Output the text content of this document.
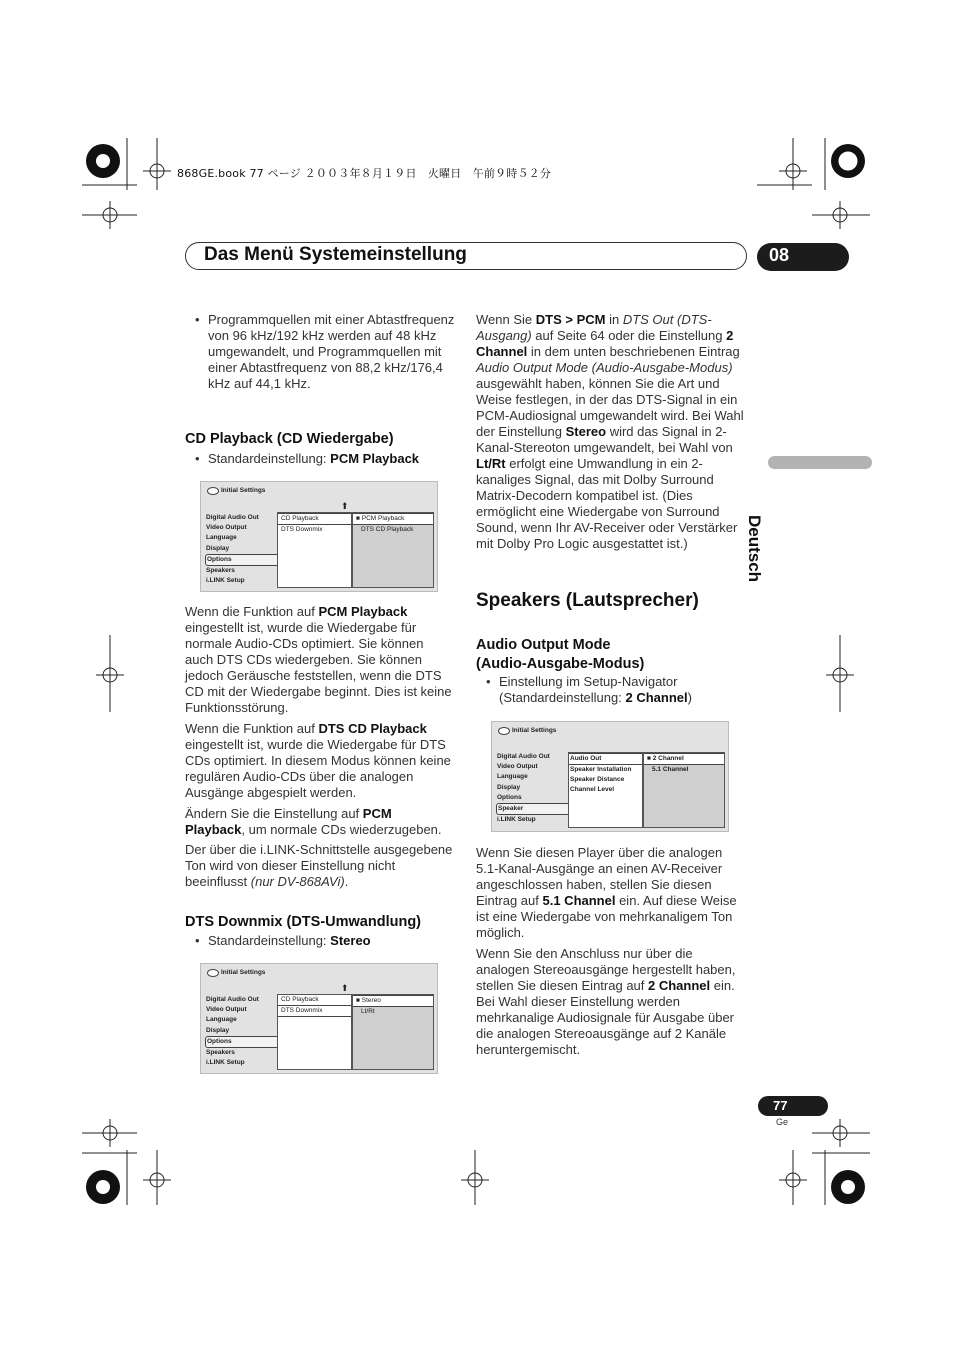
868GE.book 77 ページ ２００３年８月１９日　火曜日　午前９時５２分
Das Menü Systemeinstellung	08
Deutsch

• Programmquellen mit einer Abtastfrequenz von 96 kHz/192 kHz werden auf 48 kHz umgewandelt, und Programmquellen mit einer Abtastfrequenz von 88,2 kHz/176,4 kHz auf 44,1 kHz.

CD Playback (CD Wiedergabe)

• Standardeinstellung: PCM Playback

Initial Settings
Digital Audio Out
Video Output
Language
Display
Options
Speakers
i.LINK Setup
⬆
CD Playback
DTS Downmix
■ PCM Playback
DTS CD Playback

Wenn die Funktion auf PCM Playback eingestellt ist, wurde die Wiedergabe für normale Audio-CDs optimiert. Sie können auch DTS CDs wiedergeben. Sie können jedoch Geräusche feststellen, wenn die DTS CD mit der Wiedergabe beginnt. Dies ist keine Funktionsstörung.

Wenn die Funktion auf DTS CD Playback eingestellt ist, wurde die Wiedergabe für DTS CDs optimiert. In diesem Modus können keine regulären Audio-CDs über die analogen Ausgänge abgespielt werden.

Ändern Sie die Einstellung auf PCM Playback, um normale CDs wiederzugeben.

Der über die i.LINK-Schnittstelle ausgegebene Ton wird von dieser Einstellung nicht beeinflusst (nur DV-868AVi).

DTS Downmix (DTS-Umwandlung)

• Standardeinstellung: Stereo

Initial Settings
Digital Audio Out
Video Output
Language
Display
Options
Speakers
i.LINK Setup
⬆
CD Playback
DTS Downmix
■ Stereo
Lt/Rt

Wenn Sie DTS > PCM in DTS Out (DTS-Ausgang) auf Seite 64 oder die Einstellung 2 Channel in dem unten beschriebenen Eintrag Audio Output Mode (Audio-Ausgabe-Modus) ausgewählt haben, können Sie die Art und Weise festlegen, in der das DTS-Signal in ein PCM-Audiosignal umgewandelt wird. Bei Wahl der Einstellung Stereo wird das Signal in 2-Kanal-Stereoton umgewandelt, bei Wahl von Lt/Rt erfolgt eine Umwandlung in ein 2-kanaliges Signal, das mit Dolby Surround Matrix-Decodern kompatibel ist. (Dies ermöglicht eine Wiedergabe von Surround Sound, wenn Ihr AV-Receiver oder Verstärker mit Dolby Pro Logic ausgestattet ist.)

Speakers (Lautsprecher)
Audio Output Mode
(Audio-Ausgabe-Modus)

• Einstellung im Setup-Navigator (Standardeinstellung: 2 Channel)

Initial Settings
Digital Audio Out
Video Output
Language
Display
Options
Speaker
i.LINK Setup
Audio Out
Speaker Installation
Speaker Distance
Channel Level
■ 2 Channel
5.1 Channel

Wenn Sie diesen Player über die analogen 5.1-Kanal-Ausgänge an einen AV-Receiver angeschlossen haben, stellen Sie diesen Eintrag auf 5.1 Channel ein. Auf diese Weise ist eine Wiedergabe von mehrkanaligem Ton möglich.

Wenn Sie den Anschluss nur über die analogen Stereoausgänge hergestellt haben, stellen Sie diesen Eintrag auf 2 Channel ein. Bei Wahl dieser Einstellung werden mehrkanalige Audiosignale für Ausgabe über die analogen Stereoausgänge auf 2 Kanäle heruntergemischt.

77
Ge
